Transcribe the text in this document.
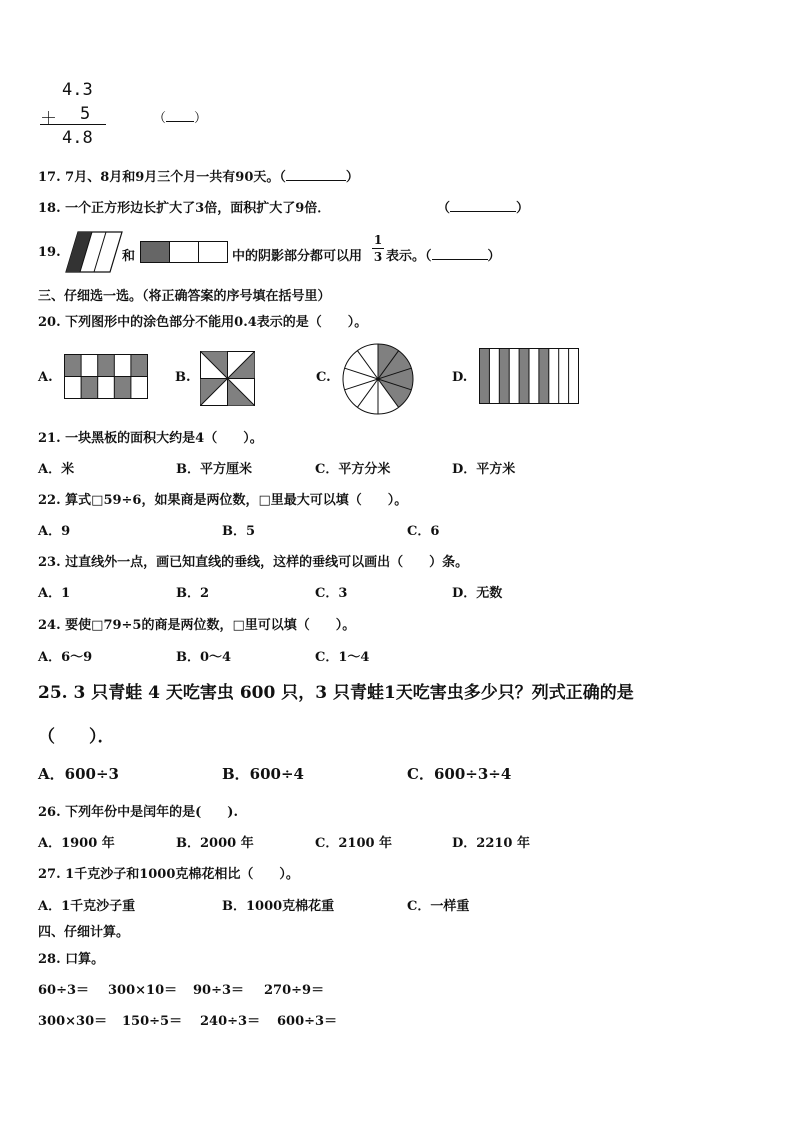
4.3
＋ 5
4.8
（ ）
17. 7月、8月和9月三个月一共有90天。（	）
18. 一个正方形边长扩大了3倍，面积扩大了9倍．	（	）
19.	和	中的阴影部分都可以用
1
3 表示。（	）
三、仔细选一选。（将正确答案的序号填在括号里）
20. 下列图形中的涂色部分不能用0.4表示的是（　　）。
A.	B.	C.	D.
21. 一块黑板的面积大约是4（　　）。
A．米	B．平方厘米	C．平方分米	D．平方米
22. 算式□59÷6，如果商是两位数，□里最大可以填（　　）。
A．9	B．5	C．6
23. 过直线外一点，画已知直线的垂线，这样的垂线可以画出（　　）条。
A．1	B．2	C．3	D．无数
24. 要使□79÷5的商是两位数，□里可以填（　　）。
A．6～9	B．0～4	C．1～4
25. 3 只青蛙 4 天吃害虫 600 只，3 只青蛙1天吃害虫多少只？列式正确的是
（　　）．
A．600÷3	B．600÷4	C．600÷3÷4
26. 下列年份中是闰年的是(　　).
A．1900 年	B．2000 年	C．2100 年	D．2210 年
27. 1千克沙子和1000克棉花相比（　　）。
A．1千克沙子重	B．1000克棉花重	C．一样重
四、仔细计算。
28. 口算。
60÷3＝ 300×10＝ 90÷3＝ 270÷9＝
300×30＝ 150÷5＝ 240÷3＝ 600÷3＝
